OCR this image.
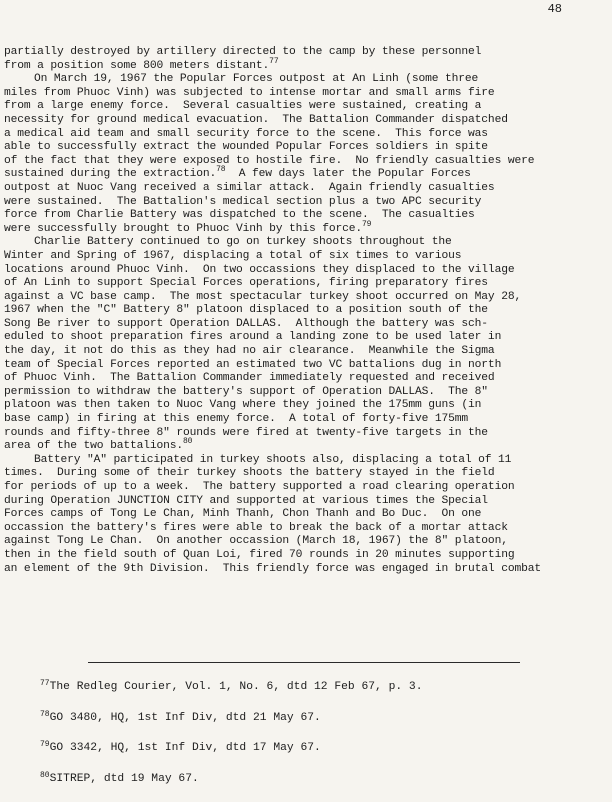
48

partially destroyed by artillery directed to the camp by these personnel
from a position some 800 meters distant.$^{77}$

On March 19, 1967 the Popular Forces outpost at An Linh (some three
miles from Phuoc Vinh) was subjected to intense mortar and small arms fire
from a large enemy force.  Several casualties were sustained, creating a
necessity for ground medical evacuation.  The Battalion Commander dispatched
a medical aid team and small security force to the scene.  This force was
able to successfully extract the wounded Popular Forces soldiers in spite
of the fact that they were exposed to hostile fire.  No friendly casualties were
sustained during the extraction.$^{78}$  A few days later the Popular Forces
outpost at Nuoc Vang received a similar attack.  Again friendly casualties
were sustained.  The Battalion's medical section plus a two APC security
force from Charlie Battery was dispatched to the scene.  The casualties
were successfully brought to Phuoc Vinh by this force.$^{79}$

Charlie Battery continued to go on turkey shoots throughout the
Winter and Spring of 1967, displacing a total of six times to various
locations around Phuoc Vinh.  On two occassions they displaced to the village
of An Linh to support Special Forces operations, firing preparatory fires
against a VC base camp.  The most spectacular turkey shoot occurred on May 28,
1967 when the "C" Battery 8" platoon displaced to a position south of the
Song Be river to support Operation DALLAS.  Although the battery was sch-
eduled to shoot preparation fires around a landing zone to be used later in
the day, it not do this as they had no air clearance.  Meanwhile the Sigma
team of Special Forces reported an estimated two VC battalions dug in north
of Phuoc Vinh.  The Battalion Commander immediately requested and received
permission to withdraw the battery's support of Operation DALLAS.  The 8"
platoon was then taken to Nuoc Vang where they joined the 175mm guns (in
base camp) in firing at this enemy force.  A total of forty-five 175mm
rounds and fifty-three 8" rounds were fired at twenty-five targets in the
area of the two battalions.$^{80}$

Battery "A" participated in turkey shoots also, displacing a total of 11
times.  During some of their turkey shoots the battery stayed in the field
for periods of up to a week.  The battery supported a road clearing operation
during Operation JUNCTION CITY and supported at various times the Special
Forces camps of Tong Le Chan, Minh Thanh, Chon Thanh and Bo Duc.  On one
occassion the battery's fires were able to break the back of a mortar attack
against Tong Le Chan.  On another occassion (March 18, 1967) the 8" platoon,
then in the field south of Quan Loi, fired 70 rounds in 20 minutes supporting
an element of the 9th Division.  This friendly force was engaged in brutal combat

$^{77}$The Redleg Courier, Vol. 1, No. 6, dtd 12 Feb 67, p. 3.
$^{78}$GO 3480, HQ, 1st Inf Div, dtd 21 May 67.
$^{79}$GO 3342, HQ, 1st Inf Div, dtd 17 May 67.
$^{80}$SITREP, dtd 19 May 67.
